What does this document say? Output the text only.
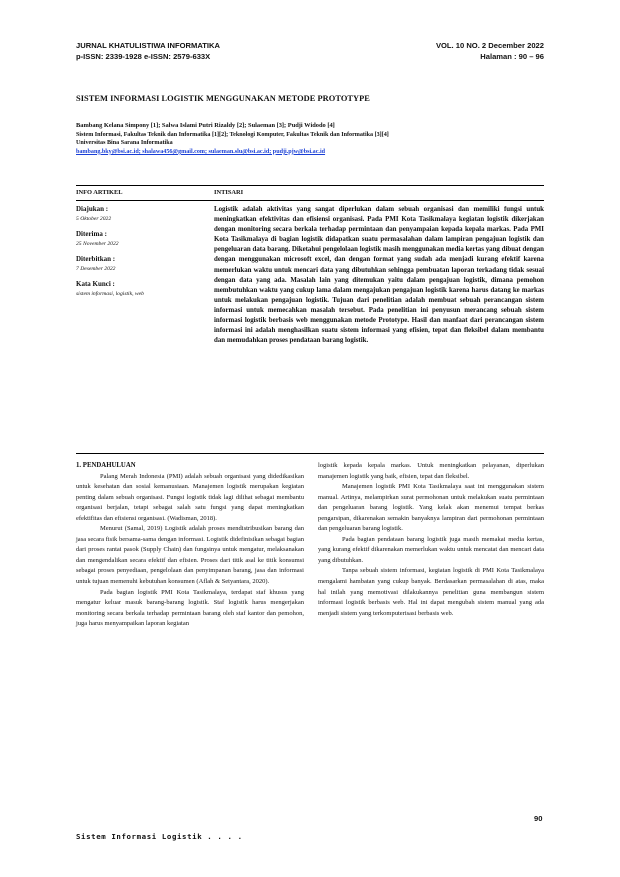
JURNAL KHATULISTIWA INFORMATIKA	VOL. 10 NO. 2 December 2022
p-ISSN: 2339-1928 e-ISSN: 2579-633X	Halaman : 90 – 96
SISTEM INFORMASI LOGISTIK MENGGUNAKAN METODE PROTOTYPE
Bambang Kelana Simpony [1]; Salwa Islami Putri Rizaldy [2]; Sulaeman [3]; Pudji Widodo [4]
Sistem Informasi, Fakultas Teknik dan Informatika [1][2]; Teknologi Komputer, Fakultas Teknik dan Informatika [3][4]
Universitas Bina Sarana Informatika
bambang.bky@bsi.ac.id; shalawa456@gmail.com; sulaeman.slu@bsi.ac.id; pudji.pjw@bsi.ac.id
INFO ARTIKEL	INTISARI
Diajukan :
5 Oktober 2022
Diterima :
25 November 2022
Diterbitkan :
7 Desember 2022
Kata Kunci :
sistem informasi, logistik, web
Logistik adalah aktivitas yang sangat diperlukan dalam sebuah organisasi dan memiliki fungsi untuk meningkatkan efektivitas dan efisiensi organisasi. Pada PMI Kota Tasikmalaya kegiatan logistik dikerjakan dengan monitoring secara berkala terhadap permintaan dan penyampaian kepada kepala markas. Pada PMI Kota Tasikmalaya di bagian logistik didapatkan suatu permasalahan dalam lampiran pengajuan logistik dan pengeluaran data barang. Diketahui pengelolaan logistik masih menggunakan media kertas yang dibuat dengan dengan menggunakan microsoft excel, dan dengan format yang sudah ada menjadi kurang efektif karena memerlukan waktu untuk mencari data yang dibutuhkan sehingga pembuatan laporan terkadang tidak sesuai dengan data yang ada. Masalah lain yang ditemukan yaitu dalam pengajuan logistik, dimana pemohon membutuhkan waktu yang cukup lama dalam mengajukan pengajuan logistik karena harus datang ke markas untuk melakukan pengajuan logistik. Tujuan dari penelitian adalah membuat sebuah perancangan sistem informasi untuk memecahkan masalah tersebut. Pada penelitian ini penyusun merancang sebuah sistem informasi logistik berbasis web menggunakan metode Prototype. Hasil dan manfaat dari perancangan sistem informasi ini adalah menghasilkan suatu sistem informasi yang efisien, tepat dan fleksibel dalam membantu dan memudahkan proses pendataan barang logistik.
1. PENDAHULUAN

Palang Merah Indonesia (PMI) adalah sebuah organisasi yang didedikasikan untuk kesehatan dan sosial kemanusiaan. Manajemen logistik merupakan kegiatan penting dalam sebuah organisasi. Fungsi logistik tidak lagi dilihat sebagai membantu organisasi berjalan, tetapi sebagai salah satu fungsi yang dapat meningkatkan efektifitas dan efisiensi organisasi. (Wadisman, 2018).

Menurut (Samal, 2019) Logistik adalah proses mendistribusikan barang dan jasa secara fisik bersama-sama dengan informasi. Logistik didefinisikan sebagai bagian dari proses rantai pasok (Supply Chain) dan fungsinya untuk mengatur, melaksanakan dan mengendalikan secara efektif dan efisien. Proses dari titik asal ke titik konsumsi sebagai proses penyediaan, pengelolaan dan penyimpanan barang, jasa dan informasi untuk tujuan memenuhi kebutuhan konsumen (Aflah & Setyantara, 2020).

Pada bagian logistik PMI Kota Tasikmalaya, terdapat staf khusus yang mengatur keluar masuk barang-barang logistik. Staf logistik harus mengerjakan monitoring secara berkala terhadap permintaan barang oleh staf kantor dan pemohon, juga harus menyampaikan laporan kegiatan

logistik kepada kepala markas. Untuk meningkatkan pelayanan, diperlukan manajemen logistik yang baik, efisien, tepat dan fleksibel.

Manajemen logistik PMI Kota Tasikmalaya saat ini menggunakan sistem manual. Artinya, melampirkan surat permohonan untuk melakukan suatu permintaan dan pengeluaran barang logistik. Yang kelak akan menemui tempat berkas pengarsipan, dikarenakan semakin banyaknya lampiran dari permohonan permintaan dan pengeluaran barang logistik.

Pada bagian pendataan barang logistik juga masih memakai media kertas, yang kurang efektif dikarenakan memerlukan waktu untuk mencatat dan mencari data yang dibutuhkan.

Tanpa sebuah sistem informasi, kegiatan logistik di PMI Kota Tasikmalaya mengalami hambatan yang cukup banyak. Berdasarkan permasalahan di atas, maka hal inilah yang memotivasi dilakukannya penelitian guna membangun sistem informasi logistik berbasis web. Hal ini dapat mengubah sistem manual yang ada menjadi sistem yang terkomputerisasi berbasis web.

90
Sistem Informasi Logistik . . . .
